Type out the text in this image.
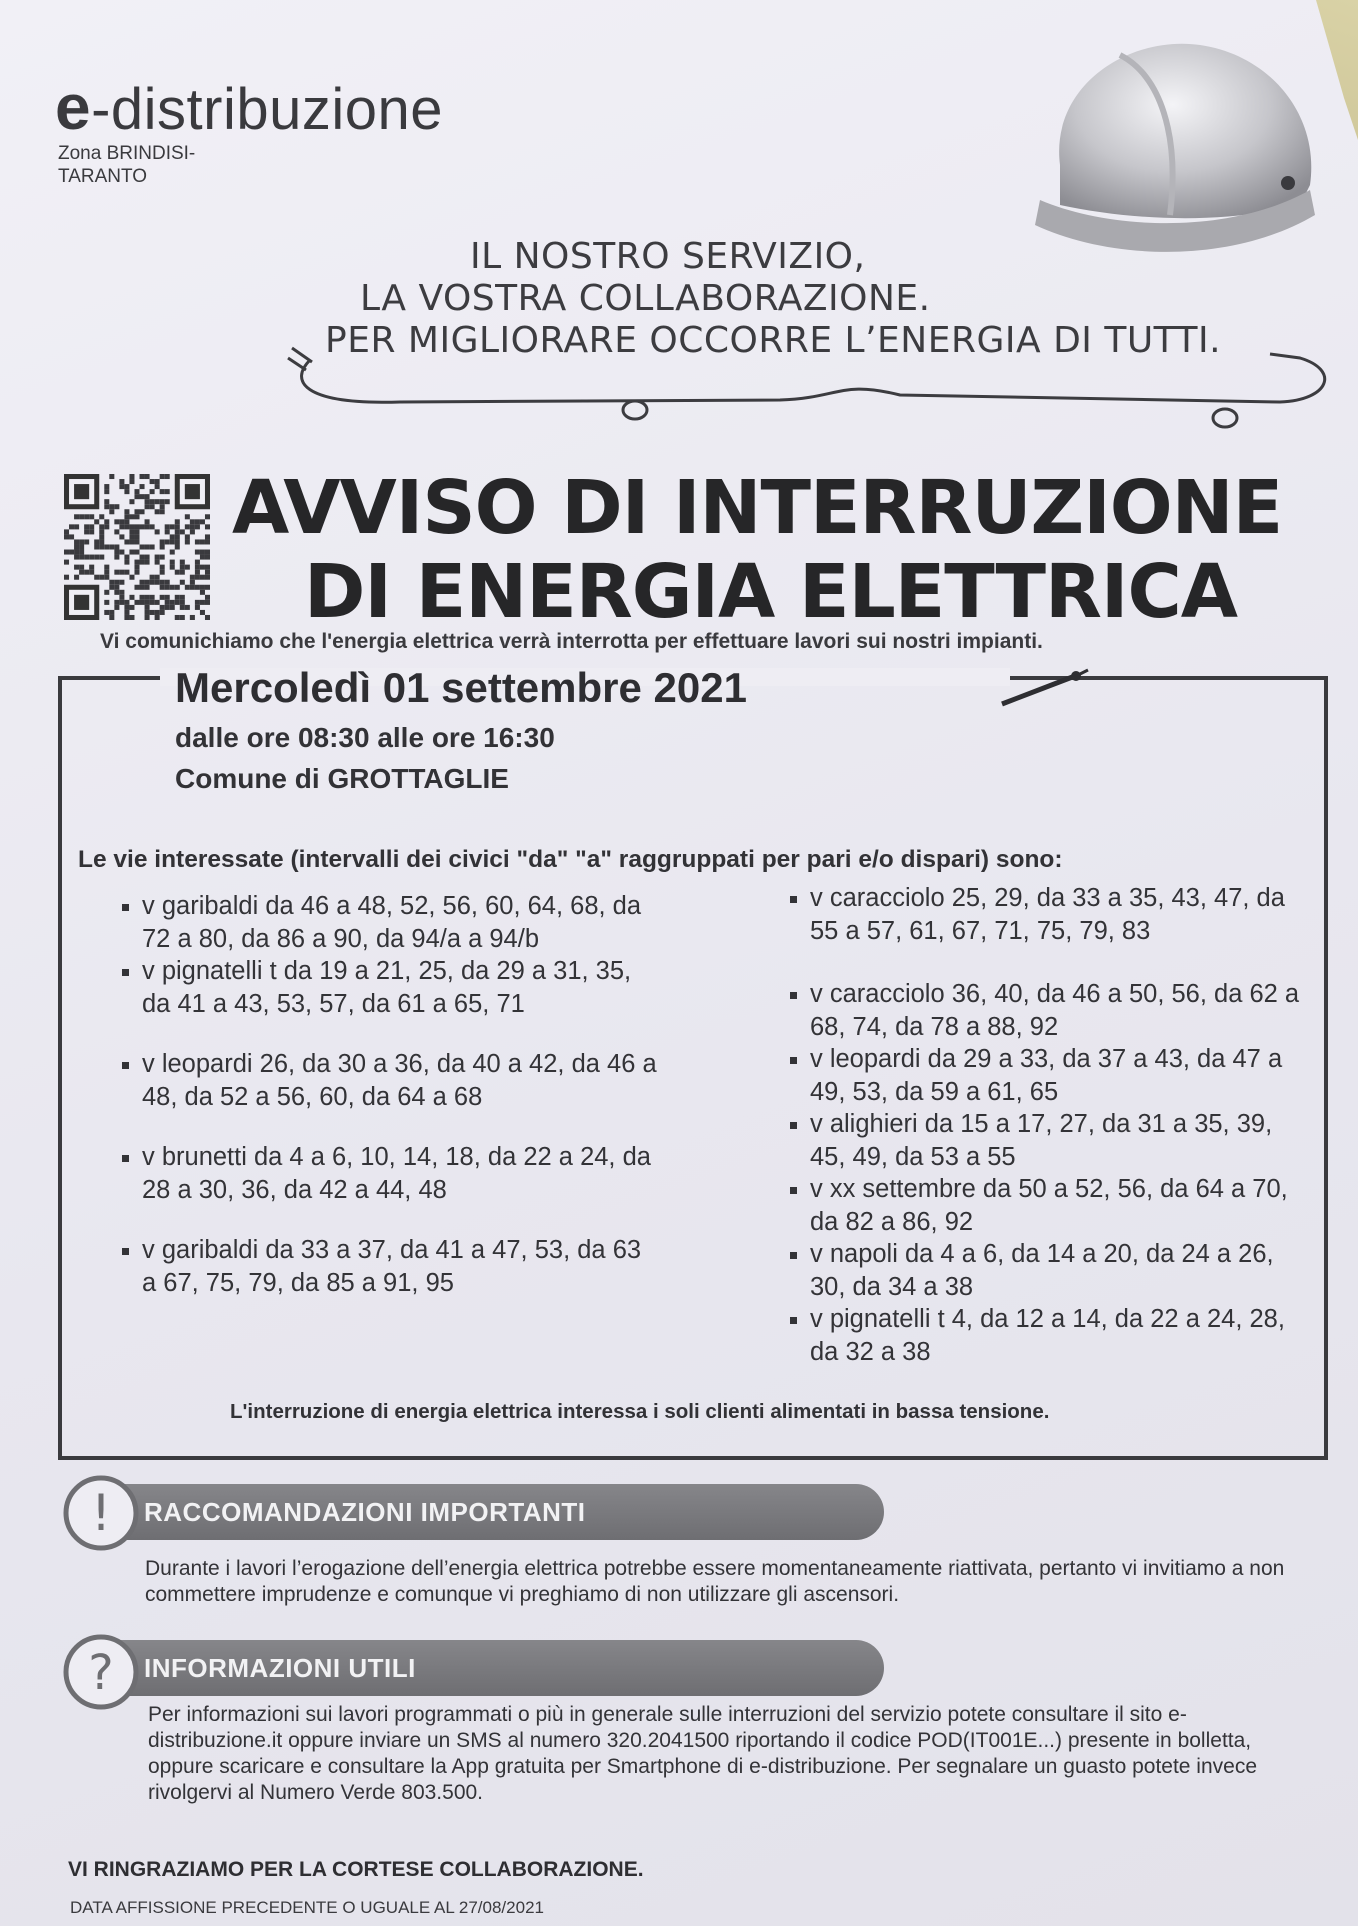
e-distribuzione
Zona BRINDISI-
TARANTO
IL NOSTRO SERVIZIO,
LA VOSTRA COLLABORAZIONE.
PER MIGLIORARE OCCORRE L’ENERGIA DI TUTTI.
AVVISO DI INTERRUZIONE
DI ENERGIA ELETTRICA
Vi comunichiamo che l'energia elettrica verrà interrotta per effettuare lavori sui nostri impianti.
Mercoledì 01 settembre 2021
dalle ore 08:30 alle ore 16:30
Comune di GROTTAGLIE
Le vie interessate (intervalli dei civici "da" "a" raggruppati per pari e/o dispari) sono:
v garibaldi da 46 a 48, 52, 56, 60, 64, 68, da 72 a 80, da 86 a 90, da 94/a a 94/b
v pignatelli t da 19 a 21, 25, da 29 a 31, 35, da 41 a 43, 53, 57, da 61 a 65, 71
v leopardi 26, da 30 a 36, da 40 a 42, da 46 a 48, da 52 a 56, 60, da 64 a 68
v brunetti da 4 a 6, 10, 14, 18, da 22 a 24, da 28 a 30, 36, da 42 a 44, 48
v garibaldi da 33 a 37, da 41 a 47, 53, da 63 a 67, 75, 79, da 85 a 91, 95
v caracciolo 25, 29, da 33 a 35, 43, 47, da 55 a 57, 61, 67, 71, 75, 79, 83
v caracciolo 36, 40, da 46 a 50, 56, da 62 a 68, 74, da 78 a 88, 92
v leopardi da 29 a 33, da 37 a 43, da 47 a 49, 53, da 59 a 61, 65
v alighieri da 15 a 17, 27, da 31 a 35, 39, 45, 49, da 53 a 55
v xx settembre da 50 a 52, 56, da 64 a 70, da 82 a 86, 92
v napoli da 4 a 6, da 14 a 20, da 24 a 26, 30, da 34 a 38
v pignatelli t 4, da 12 a 14, da 22 a 24, 28, da 32 a 38
L'interruzione di energia elettrica interessa i soli clienti alimentati in bassa tensione.
RACCOMANDAZIONI IMPORTANTI
!
Durante i lavori l’erogazione dell’energia elettrica potrebbe essere momentaneamente riattivata, pertanto vi invitiamo a non commettere imprudenze e comunque vi preghiamo di non utilizzare gli ascensori.
INFORMAZIONI UTILI
?
Per informazioni sui lavori programmati o più in generale sulle interruzioni del servizio potete consultare il sito e-distribuzione.it oppure inviare un SMS al numero 320.2041500 riportando il codice POD(IT001E...) presente in bolletta, oppure scaricare e consultare la App gratuita per Smartphone di e-distribuzione. Per segnalare un guasto potete invece rivolgervi al Numero Verde 803.500.
VI RINGRAZIAMO PER LA CORTESE COLLABORAZIONE.
DATA AFFISSIONE PRECEDENTE O UGUALE AL 27/08/2021
